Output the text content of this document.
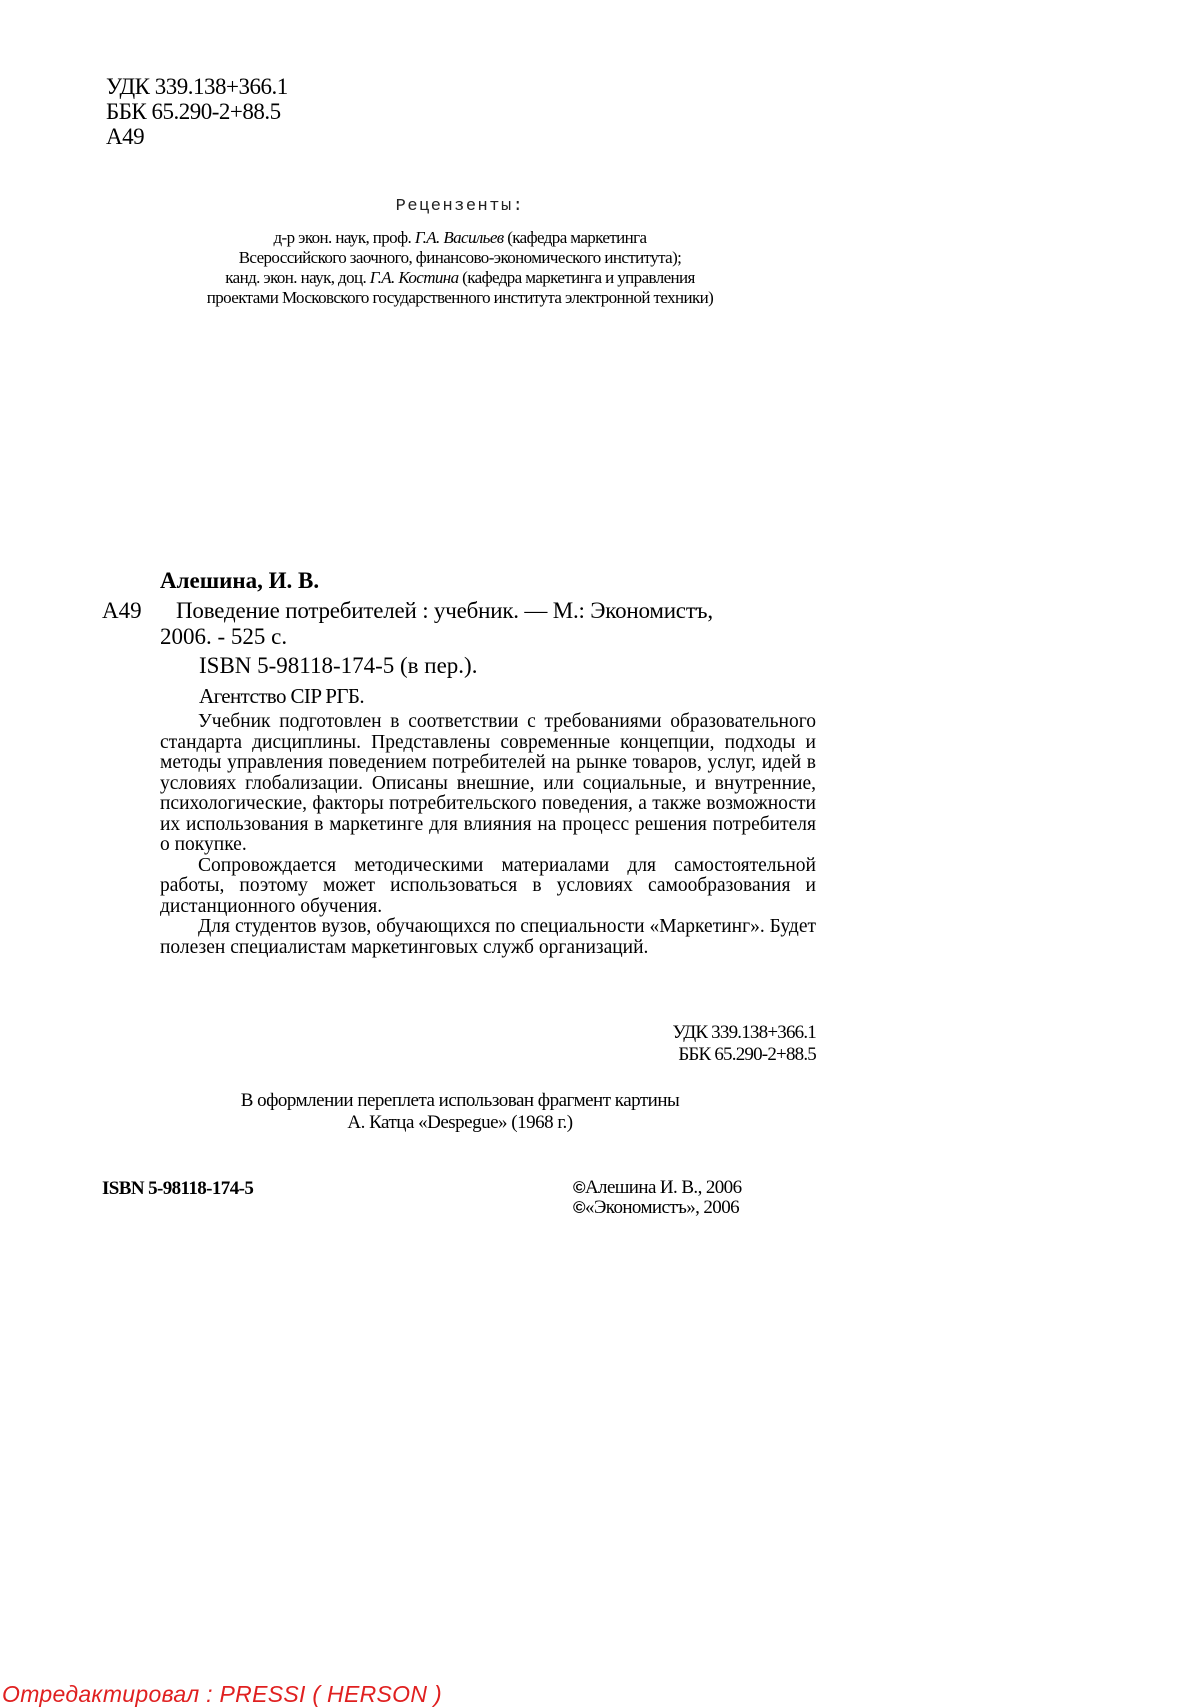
УДК 339.138+366.1
ББК 65.290-2+88.5
А49
Рецензенты:
д-р экон. наук, проф. Г.А. Васильев (кафедра маркетинга
Всероссийского заочного, финансово-экономического института);
канд. экон. наук, доц. Г.А. Костина (кафедра маркетинга и управления
проектами Московского государственного института электронной техники)
Алешина, И. В.
А49 Поведение потребителей : учебник. — М.: Экономистъ,
2006. - 525 с.
ISBN 5-98118-174-5 (в пер.).
Агентство CIP РГБ.

Учебник подготовлен в соответствии с требованиями образовательного стандарта дисциплины. Представлены современные концепции, подходы и методы управления поведением потребителей на рынке товаров, услуг, идей в условиях глобализации. Описаны внешние, или социальные, и внутренние, психологические, факторы потребительского поведения, а также возможности их использования в маркетинге для влияния на процесс решения потребителя о покупке.

Сопровождается методическими материалами для самостоятельной работы, поэтому может использоваться в условиях самообразования и дистанционного обучения.

Для студентов вузов, обучающихся по специальности «Маркетинг». Будет полезен специалистам маркетинговых служб организаций.

УДК 339.138+366.1
ББК 65.290-2+88.5
В оформлении переплета использован фрагмент картины
А. Катца «Despegue» (1968 г.)
ISBN 5-98118-174-5	©Алешина И. В., 2006
©«Экономистъ», 2006
Отредактировал : PRESSI ( HERSON )
